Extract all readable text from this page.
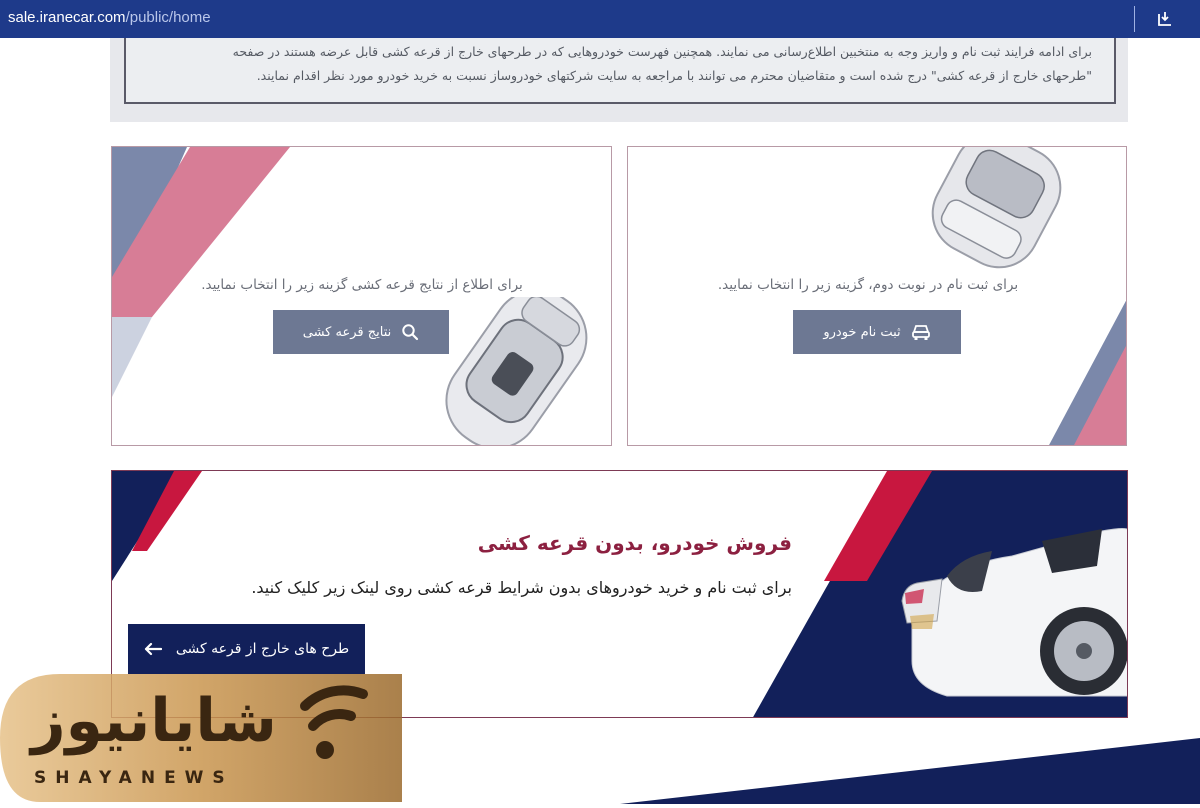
sale.iranecar.com/public/home
برای ادامه فرایند ثبت نام و واریز وجه به منتخبین اطلاع‌رسانی می نمایند. همچنین فهرست خودروهایی که در طرحهای خارج از قرعه کشی قابل عرضه هستند در صفحه
"طرحهای خارج از قرعه کشی" درج شده است و متقاضیان محترم می توانند با مراجعه به سایت شرکتهای خودروساز نسبت به خرید خودرو مورد نظر اقدام نمایند.
برای اطلاع از نتایج قرعه کشی گزینه زیر را انتخاب نمایید.
نتایج قرعه کشی
برای ثبت نام در نوبت دوم، گزینه زیر را انتخاب نمایید.
ثبت نام خودرو
فروش خودرو، بدون قرعه کشی
برای ثبت نام و خرید خودروهای بدون شرایط قرعه کشی روی لینک زیر کلیک کنید.
طرح های خارج از قرعه کشی
شایانیوز
SHAYANEWS
